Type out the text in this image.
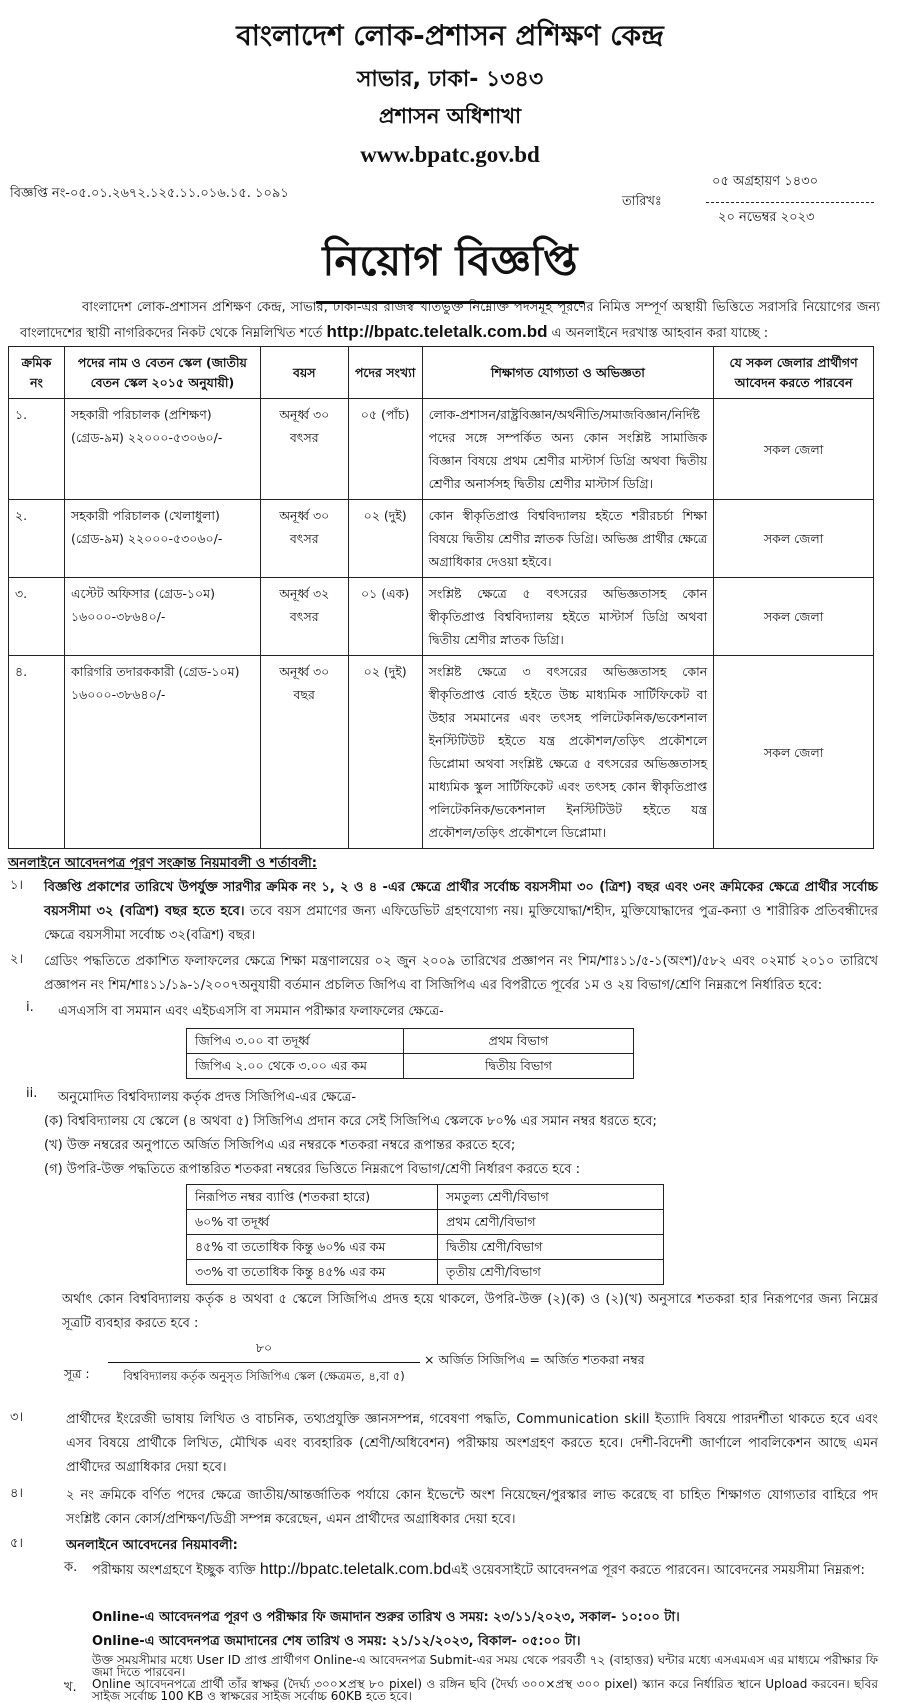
বাংলাদেশ লোক-প্রশাসন প্রশিক্ষণ কেন্দ্র
সাভার, ঢাকা- ১৩৪৩
প্রশাসন অধিশাখা
www.bpatc.gov.bd
বিজ্ঞপ্তি নং-০৫.০১.২৬৭২.১২৫.১১.০১৬.১৫. ১০৯১
০৫ অগ্রহায়ণ ১৪৩০
তারিখঃ
২০ নভেম্বর ২০২৩
নিয়োগ বিজ্ঞপ্তি
বাংলাদেশ লোক-প্রশাসন প্রশিক্ষণ কেন্দ্র, সাভার, ঢাকা-এর রাজস্ব খাতভুক্ত নিম্নোক্ত পদসমূহ পূরণের নিমিত্ত সম্পূর্ণ অস্থায়ী ভিত্তিতে সরাসরি নিয়োগের জন্য বাংলাদেশের স্থায়ী নাগরিকদের নিকট থেকে নিম্নলিখিত শর্তে http://bpatc.teletalk.com.bd এ অনলাইনে দরখাস্ত আহবান করা যাচ্ছে :
ক্রমিক নং	পদের নাম ও বেতন স্কেল (জাতীয় বেতন স্কেল ২০১৫ অনুযায়ী)	বয়স	পদের সংখ্যা	শিক্ষাগত যোগ্যতা ও অভিজ্ঞতা	যে সকল জেলার প্রার্থীগণ আবেদন করতে পারবেন
১.	সহকারী পরিচালক (প্রশিক্ষণ) (গ্রেড-৯ম) ২২০০০-৫৩০৬০/-	অনূর্ধ্ব ৩০ বৎসর	০৫ (পাঁচ)	লোক-প্রশাসন/রাষ্ট্রবিজ্ঞান/অর্থনীতি/সমাজবিজ্ঞান/নির্দিষ্ট পদের সঙ্গে সম্পর্কিত অন্য কোন সংশ্লিষ্ট সামাজিক বিজ্ঞান বিষয়ে প্রথম শ্রেণীর মাস্টার্স ডিগ্রি অথবা দ্বিতীয় শ্রেণীর অনার্সসহ দ্বিতীয় শ্রেণীর মাস্টার্স ডিগ্রি।	সকল জেলা
২.	সহকারী পরিচালক (খেলাধুলা) (গ্রেড-৯ম) ২২০০০-৫৩০৬০/-	অনূর্ধ্ব ৩০ বৎসর	০২ (দুই)	কোন স্বীকৃতিপ্রাপ্ত বিশ্ববিদ্যালয় হইতে শরীরচর্চা শিক্ষা বিষয়ে দ্বিতীয় শ্রেণীর স্নাতক ডিগ্রি। অভিজ্ঞ প্রার্থীর ক্ষেত্রে অগ্রাধিকার দেওয়া হইবে।	সকল জেলা
৩.	এস্টেট অফিসার (গ্রেড-১০ম) ১৬০০০-৩৮৬৪০/-	অনূর্ধ্ব ৩২ বৎসর	০১ (এক)	সংশ্লিষ্ট ক্ষেত্রে ৫ বৎসরের অভিজ্ঞতাসহ কোন স্বীকৃতিপ্রাপ্ত বিশ্ববিদ্যালয় হইতে মাস্টার্স ডিগ্রি অথবা দ্বিতীয় শ্রেণীর স্নাতক ডিগ্রি।	সকল জেলা
৪.	কারিগরি তদারককারী (গ্রেড-১০ম) ১৬০০০-৩৮৬৪০/-	অনূর্ধ্ব ৩০ বছর	০২ (দুই)	সংশ্লিষ্ট ক্ষেত্রে ৩ বৎসরের অভিজ্ঞতাসহ কোন স্বীকৃতিপ্রাপ্ত বোর্ড হইতে উচ্চ মাধ্যমিক সার্টিফিকেট বা উহার সমমানের এবং তৎসহ পলিটেকনিক/ভকেশনাল ইনস্টিটিউট হইতে যন্ত্র প্রকৌশল/তড়িৎ প্রকৌশলে ডিপ্লোমা অথবা সংশ্লিষ্ট ক্ষেত্রে ৫ বৎসরের অভিজ্ঞতাসহ মাধ্যমিক স্কুল সার্টিফিকেট এবং তৎসহ কোন স্বীকৃতিপ্রাপ্ত পলিটেকনিক/ভকেশনাল ইনস্টিটিউট হইতে যন্ত্র প্রকৌশল/তড়িৎ প্রকৌশলে ডিপ্লোমা।	সকল জেলা
অনলাইনে আবেদনপত্র পূরণ সংক্রান্ত নিয়মাবলী ও শর্তাবলী:
১। বিজ্ঞপ্তি প্রকাশের তারিখে উপর্যুক্ত সারণীর ক্রমিক নং ১, ২ ও ৪ -এর ক্ষেত্রে প্রার্থীর সর্বোচ্চ বয়সসীমা ৩০ (ত্রিশ) বছর এবং ৩নং ক্রমিকের ক্ষেত্রে প্রার্থীর সর্বোচ্চ বয়সসীমা ৩২ (বত্রিশ) বছর হতে হবে। তবে বয়স প্রমাণের জন্য এফিডেভিট গ্রহণযোগ্য নয়। মুক্তিযোদ্ধা/শহীদ, মুক্তিযোদ্ধাদের পুত্র-কন্যা ও শারীরিক প্রতিবন্ধীদের ক্ষেত্রে বয়সসীমা সর্বোচ্চ ৩২(বত্রিশ) বছর।
২। গ্রেডিং পদ্ধতিতে প্রকাশিত ফলাফলের ক্ষেত্রে শিক্ষা মন্ত্রণালয়ের ০২ জুন ২০০৯ তারিখের প্রজ্ঞাপন নং শিম/শাঃ১১/৫-১(অংশ)/৫৮২ এবং ০২মার্চ ২০১০ তারিখে প্রজ্ঞাপন নং শিম/শাঃ১১/১৯-১/২০০৭অনুযায়ী বর্তমান প্রচলিত জিপিএ বা সিজিপিএ এর বিপরীতে পূর্বের ১ম ও ২য় বিভাগ/শ্রেণি নিম্নরূপে নির্ধারিত হবে:
i. এসএসসি বা সমমান এবং এইচএসসি বা সমমান পরীক্ষার ফলাফলের ক্ষেত্রে-
জিপিএ ৩.০০ বা তদূর্ধ্ব	প্রথম বিভাগ
জিপিএ ২.০০ থেকে ৩.০০ এর কম	দ্বিতীয় বিভাগ
ii. অনুমোদিত বিশ্ববিদ্যালয় কর্তৃক প্রদত্ত সিজিপিএ-এর ক্ষেত্রে-
(ক) বিশ্ববিদ্যালয় যে স্কেলে (৪ অথবা ৫) সিজিপিএ প্রদান করে সেই সিজিপিএ স্কেলকে ৮০% এর সমান নম্বর ধরতে হবে;
(খ) উক্ত নম্বরের অনুপাতে অর্জিত সিজিপিএ এর নম্বরকে শতকরা নম্বরে রূপান্তর করতে হবে;
(গ) উপরি-উক্ত পদ্ধতিতে রূপান্তরিত শতকরা নম্বরের ভিত্তিতে নিম্নরূপে বিভাগ/শ্রেণী নির্ধারণ করতে হবে :
নিরূপিত নম্বর ব্যাপ্তি (শতকরা হারে)	সমতুল্য শ্রেণী/বিভাগ
৬০% বা তদূর্ধ্ব	প্রথম শ্রেণী/বিভাগ
৪৫% বা ততোধিক কিন্তু ৬০% এর কম	দ্বিতীয় শ্রেণী/বিভাগ
৩৩% বা ততোধিক কিন্তু ৪৫% এর কম	তৃতীয় শ্রেণী/বিভাগ
অর্থাৎ কোন বিশ্ববিদ্যালয় কর্তৃক ৪ অথবা ৫ স্কেলে সিজিপিএ প্রদত্ত হয়ে থাকলে, উপরি-উক্ত (২)(ক) ও (২)(খ) অনুসারে শতকরা হার নিরূপণের জন্য নিম্নের সূত্রটি ব্যবহার করতে হবে :
সূত্র :
৮০
বিশ্ববিদ্যালয় কর্তৃক অনুসৃত সিজিপিএ স্কেল (ক্ষেত্রমত, ৪,বা ৫)
× অর্জিত সিজিপিএ = অর্জিত শতকরা নম্বর
৩।	প্রার্থীদের ইংরেজী ভাষায় লিখিত ও বাচনিক, তথ্যপ্রযুক্তি জ্ঞানসম্পন্ন, গবেষণা পদ্ধতি, Communication skill ইত্যাদি বিষয়ে পারদর্শীতা থাকতে হবে এবং এসব বিষয়ে প্রার্থীকে লিখিত, মৌখিক এবং ব্যবহারিক (শ্রেণী/অধিবেশন) পরীক্ষায় অংশগ্রহণ করতে হবে। দেশী-বিদেশী জার্ণালে পাবলিকেশন আছে এমন প্রার্থীদের অগ্রাধিকার দেয়া হবে।
৪।	২ নং ক্রমিকে বর্ণিত পদের ক্ষেত্রে জাতীয়/আন্তর্জাতিক পর্যায়ে কোন ইভেন্টে অংশ নিয়েছেন/পুরস্কার লাভ করেছে বা চাহিত শিক্ষাগত যোগ্যতার বাহিরে পদ সংশ্লিষ্ট কোন কোর্স/প্রশিক্ষণ/ডিগ্রী সম্পন্ন করেছেন, এমন প্রার্থীদের অগ্রাধিকার দেয়া হবে।
৫।	অনলাইনে আবেদনের নিয়মাবলী:
ক. পরীক্ষায় অংশগ্রহণে ইচ্ছুক ব্যক্তি http://bpatc.teletalk.com.bdএই ওয়েবসাইটে আবেদনপত্র পূরণ করতে পারবেন। আবেদনের সময়সীমা নিম্নরূপ:
Online-এ আবেদনপত্র পূরণ ও পরীক্ষার ফি জমাদান শুরুর তারিখ ও সময়: ২৩/১১/২০২৩, সকাল- ১০:০০ টা।
Online-এ আবেদনপত্র জমাদানের শেষ তারিখ ও সময়: ২১/১২/২০২৩, বিকাল- ০৫:০০ টা।
উক্ত সময়সীমার মধ্যে User ID প্রাপ্ত প্রার্থীগণ Online-এ আবেদনপত্র Submit-এর সময় থেকে পরবর্তী ৭২ (বাহাত্তর) ঘন্টার মধ্যে এসএমএস এর মাধ্যমে পরীক্ষার ফি জমা দিতে পারবেন।
খ. Online আবেদনপত্রে প্রার্থী তাঁর স্বাক্ষর (দৈর্ঘ্য ৩০০×প্রস্থ ৮০ pixel) ও রঙ্গিন ছবি (দৈর্ঘ্য ৩০০×প্রস্থ ৩০০ pixel) স্ক্যান করে নির্ধারিত স্থানে Upload করবেন। ছবির সাইজ সর্বোচ্চ 100 KB ও স্বাক্ষরের সাইজ সর্বোচ্চ 60KB হতে হবে।
